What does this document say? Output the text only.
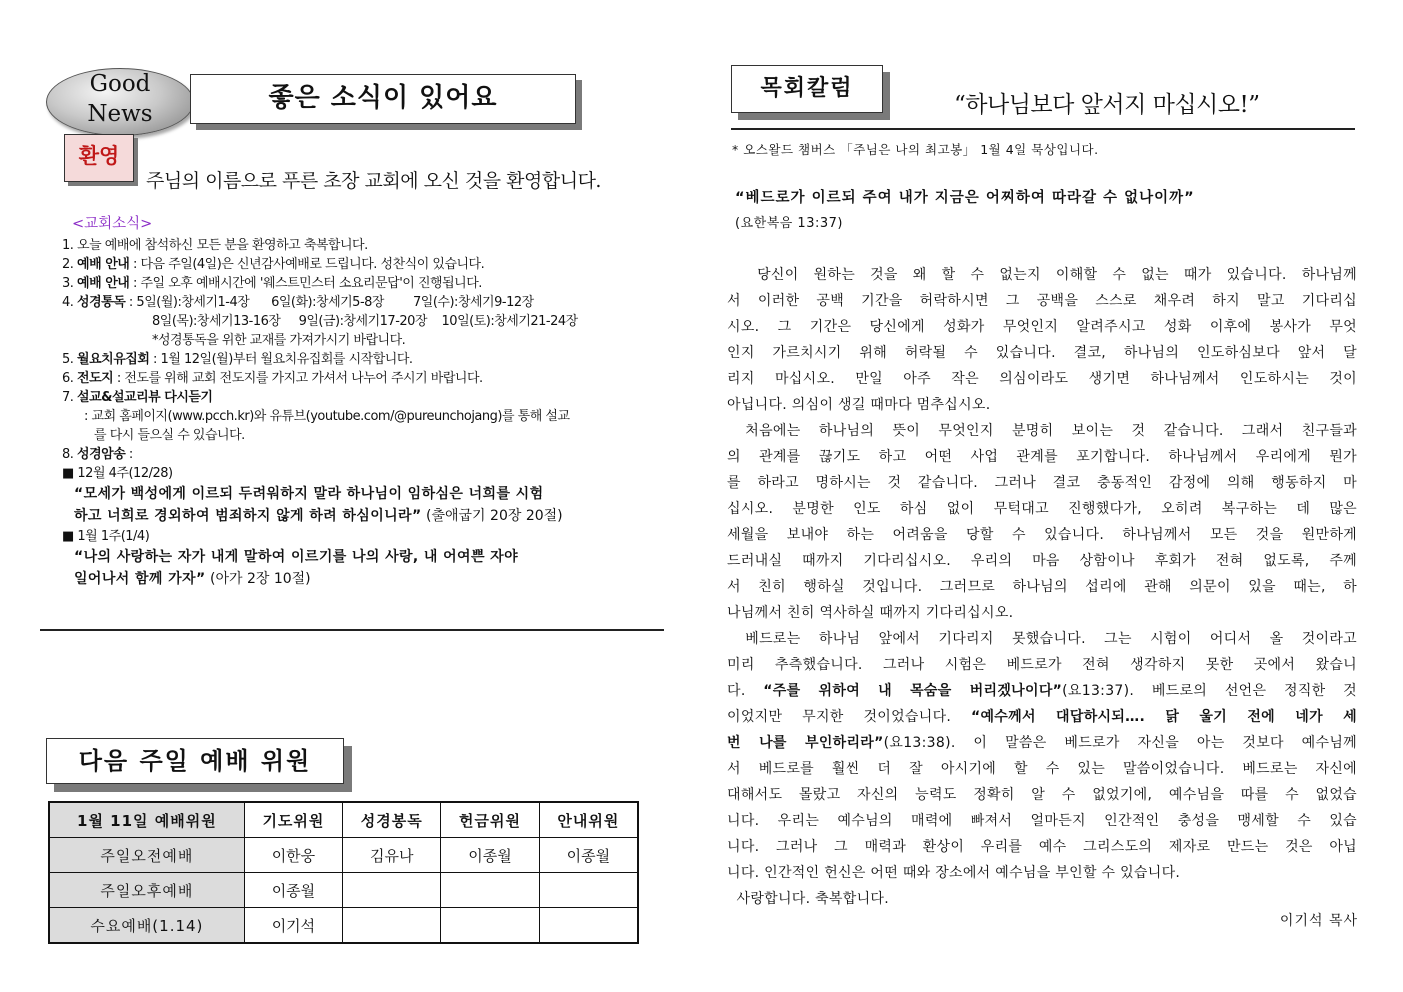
Good
News
좋은 소식이 있어요
환영
주님의 이름으로 푸른 초장 교회에 오신 것을 환영합니다.
<교회소식>
1. 오늘 예배에 참석하신 모든 분을 환영하고 축복합니다.
2. 예배 안내 : 다음 주일(4일)은 신년감사예배로 드립니다. 성찬식이 있습니다.
3. 예배 안내 : 주일 오후 예배시간에 '웨스트민스터 소요리문답'이 진행됩니다.
4. 성경통독 : 5일(월):창세기1-4장      6일(화):창세기5-8장        7일(수):창세기9-12장
8일(목):창세기13-16장     9일(금):창세기17-20장    10일(토):창세기21-24장
*성경통독을 위한 교재를 가져가시기 바랍니다.
5. 월요치유집회 : 1월 12일(월)부터 월요치유집회를 시작합니다.
6. 전도지 : 전도를 위해 교회 전도지를 가지고 가셔서 나누어 주시기 바랍니다.
7. 설교&설교리뷰 다시듣기
: 교회 홈페이지(www.pcch.kr)와 유튜브(youtube.com/@pureunchojang)를 통해 설교
를 다시 들으실 수 있습니다.
8. 성경암송 :
■ 12월 4주(12/28)
“모세가 백성에게 이르되 두려워하지 말라 하나님이 임하심은 너희를 시험
하고 너희로 경외하여 범죄하지 않게 하려 하심이니라” (출애굽기 20장 20절)
■ 1월 1주(1/4)
“나의 사랑하는 자가 내게 말하여 이르기를 나의 사랑, 내 어여쁜 자야
일어나서 함께 가자” (아가 2장 10절)
다음 주일 예배 위원
1월 11일 예배위원	기도위원	성경봉독	헌금위원	안내위원
주일오전예배	이한웅	김유나	이종월	이종월
주일오후예배	이종월			
수요예배(1.14)	이기석			
목회칼럼
“하나님보다 앞서지 마십시오!”
* 오스왈드 챔버스 「주님은 나의 최고봉」 1월 4일 묵상입니다.
“베드로가 이르되 주여 내가 지금은 어찌하여 따라갈 수 없나이까”
(요한복음 13:37)
당신이 원하는 것을 왜 할 수 없는지 이해할 수 없는 때가 있습니다. 하나님께
서 이러한 공백 기간을 허락하시면 그 공백을 스스로 채우려 하지 말고 기다리십
시오. 그 기간은 당신에게 성화가 무엇인지 알려주시고 성화 이후에 봉사가 무엇
인지 가르치시기 위해 허락될 수 있습니다. 결코, 하나님의 인도하심보다 앞서 달
리지 마십시오. 만일 아주 작은 의심이라도 생기면 하나님께서 인도하시는 것이
아닙니다. 의심이 생길 때마다 멈추십시오.
처음에는 하나님의 뜻이 무엇인지 분명히 보이는 것 같습니다. 그래서 친구들과
의 관계를 끊기도 하고 어떤 사업 관계를 포기합니다. 하나님께서 우리에게 뭔가
를 하라고 명하시는 것 같습니다. 그러나 결코 충동적인 감정에 의해 행동하지 마
십시오. 분명한 인도 하심 없이 무턱대고 진행했다가, 오히려 복구하는 데 많은
세월을 보내야 하는 어려움을 당할 수 있습니다. 하나님께서 모든 것을 원만하게
드러내실 때까지 기다리십시오. 우리의 마음 상함이나 후회가 전혀 없도록, 주께
서 친히 행하실 것입니다. 그러므로 하나님의 섭리에 관해 의문이 있을 때는, 하
나님께서 친히 역사하실 때까지 기다리십시오.
베드로는 하나님 앞에서 기다리지 못했습니다. 그는 시험이 어디서 올 것이라고
미리 추측했습니다. 그러나 시험은 베드로가 전혀 생각하지 못한 곳에서 왔습니
다. “주를 위하여 내 목숨을 버리겠나이다”(요13:37). 베드로의 선언은 정직한 것
이었지만 무지한 것이었습니다. “예수께서 대답하시되…. 닭 울기 전에 네가 세
번 나를 부인하리라”(요13:38). 이 말씀은 베드로가 자신을 아는 것보다 예수님께
서 베드로를 훨씬 더 잘 아시기에 할 수 있는 말씀이었습니다. 베드로는 자신에
대해서도 몰랐고 자신의 능력도 정확히 알 수 없었기에, 예수님을 따를 수 없었습
니다. 우리는 예수님의 매력에 빠져서 얼마든지 인간적인 충성을 맹세할 수 있습
니다. 그러나 그 매력과 환상이 우리를 예수 그리스도의 제자로 만드는 것은 아닙
니다. 인간적인 헌신은 어떤 때와 장소에서 예수님을 부인할 수 있습니다.
사랑합니다. 축복합니다.
이기석 목사
